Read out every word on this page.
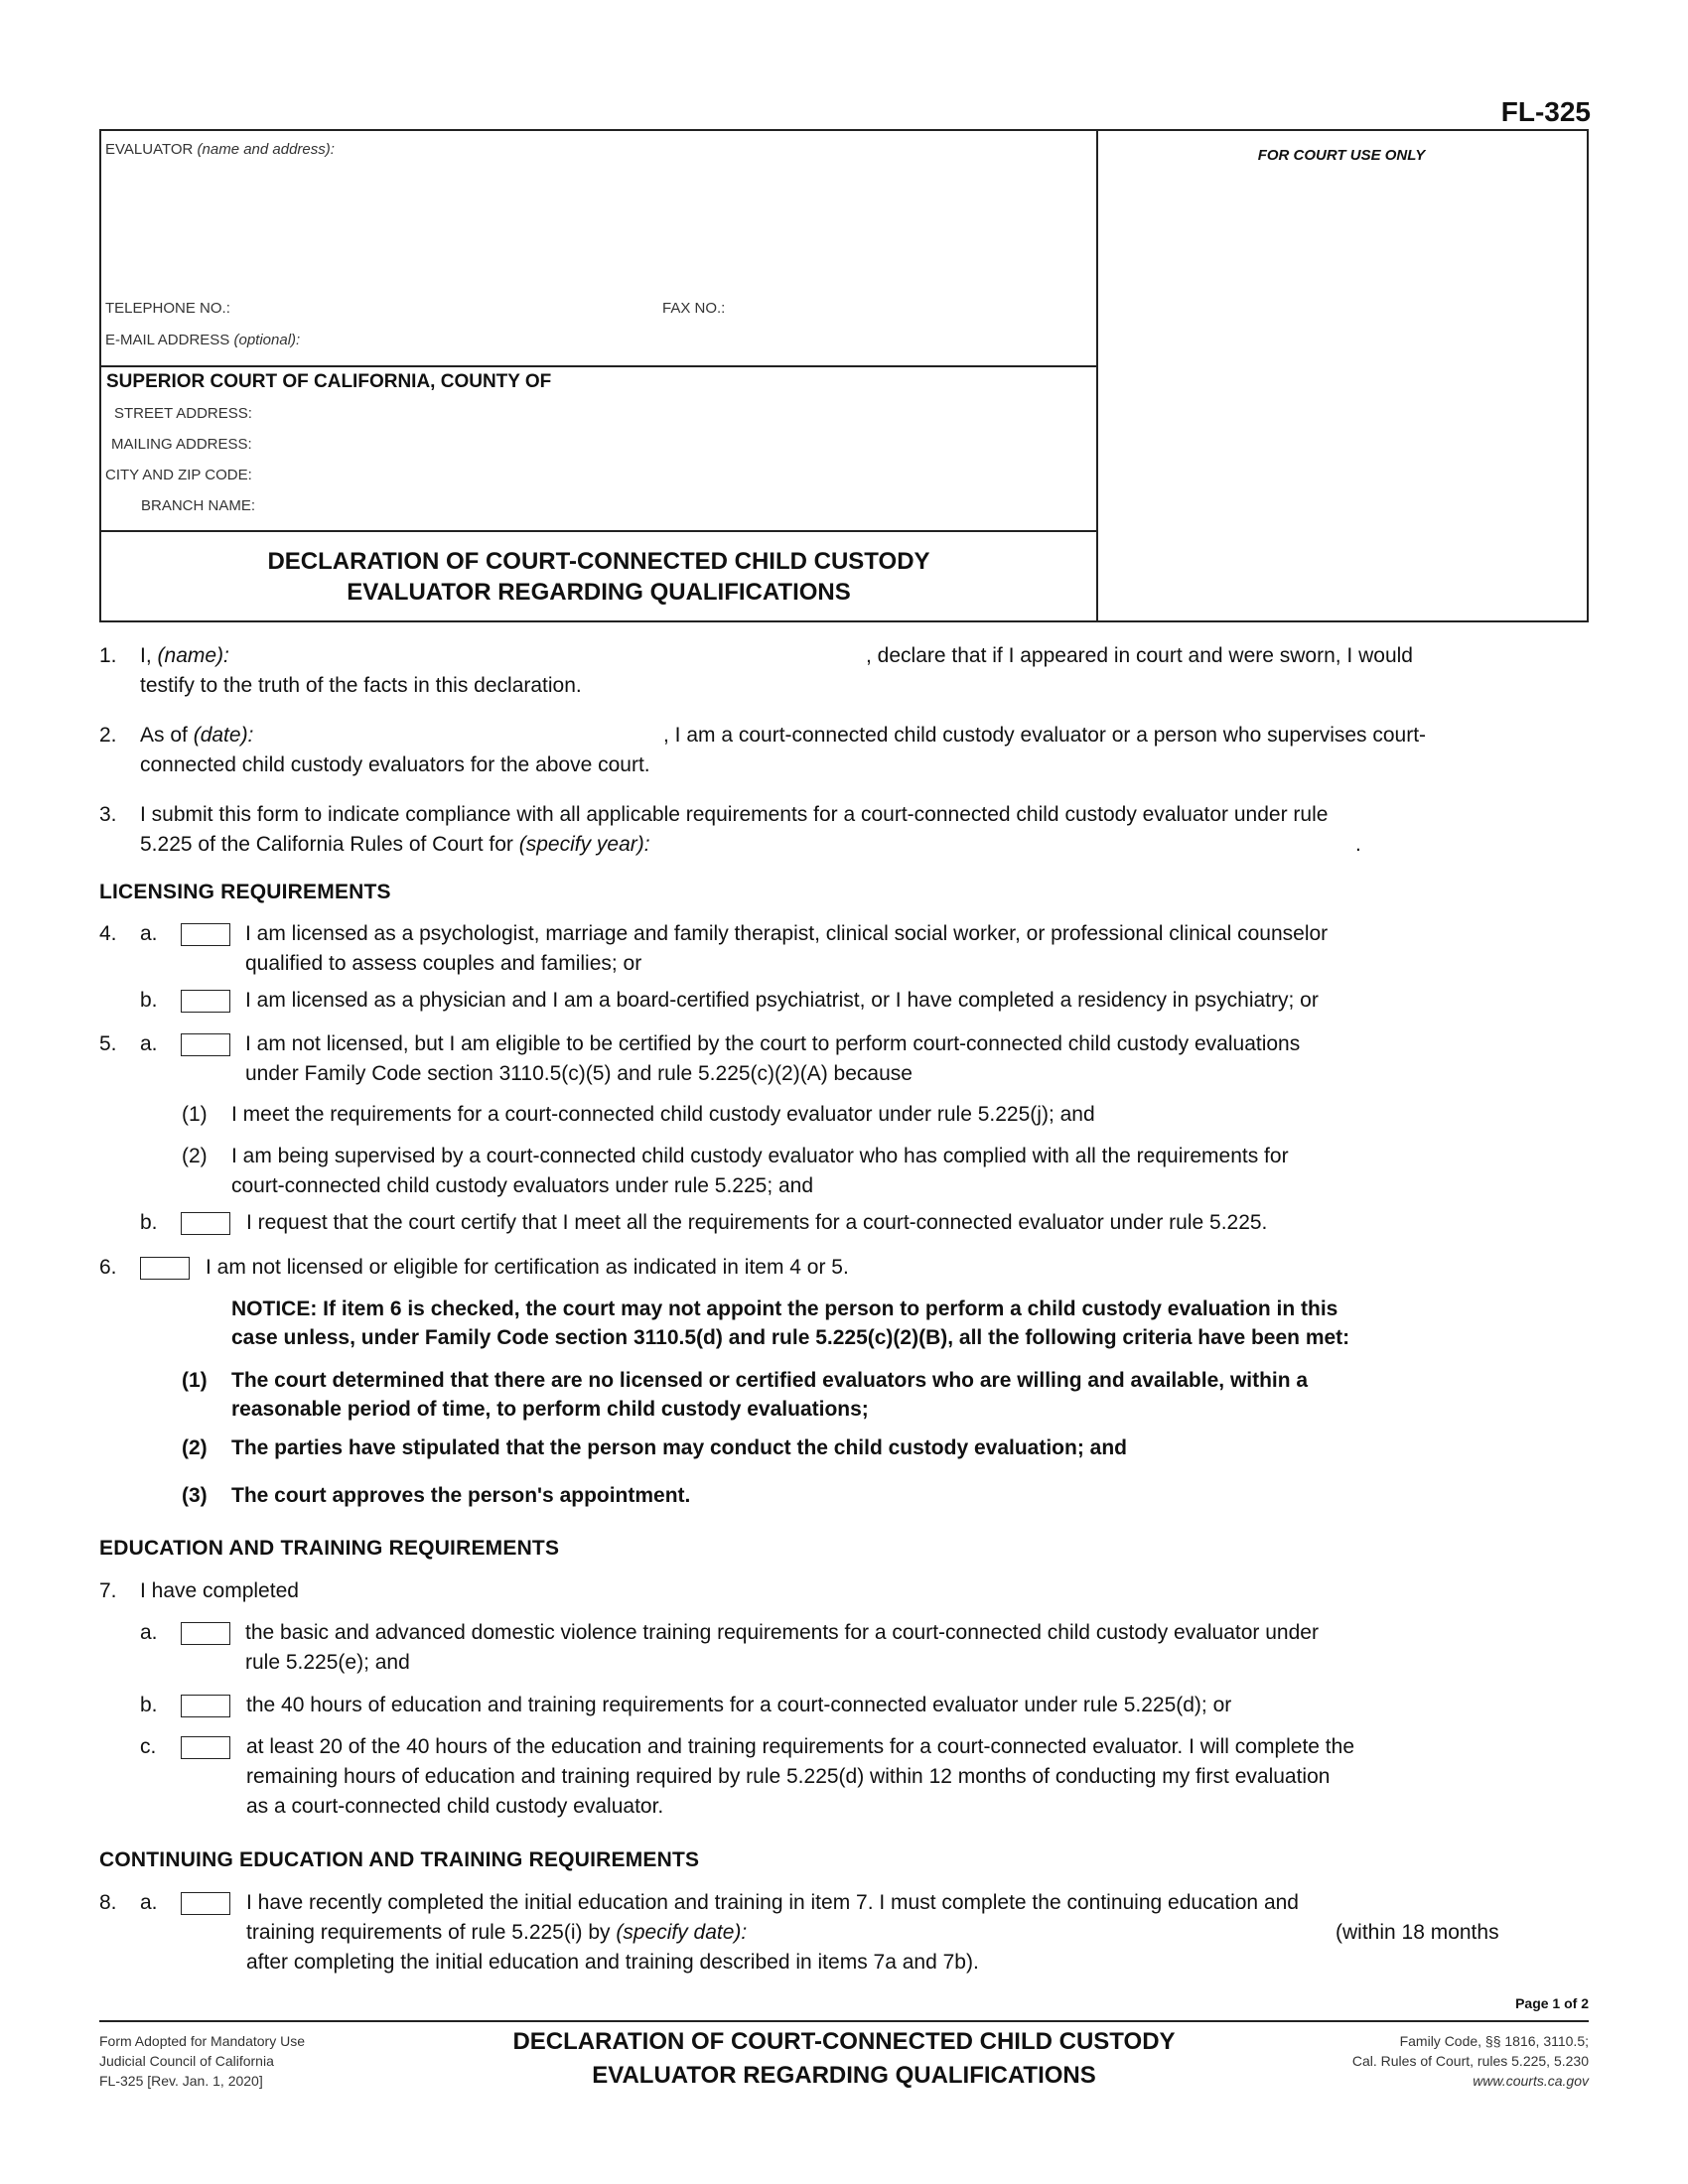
FL-325
EVALUATOR (name and address):
TELEPHONE NO.:	FAX NO.:
E-MAIL ADDRESS (optional):
SUPERIOR COURT OF CALIFORNIA, COUNTY OF
STREET ADDRESS:
MAILING ADDRESS:
CITY AND ZIP CODE:
BRANCH NAME:
DECLARATION OF COURT-CONNECTED CHILD CUSTODY
EVALUATOR REGARDING QUALIFICATIONS
FOR COURT USE ONLY
1. I, (name):	, declare that if I appeared in court and were sworn, I would
testify to the truth of the facts in this declaration.
2. As of (date):	, I am a court-connected child custody evaluator or a person who supervises court-
connected child custody evaluators for the above court.
3. I submit this form to indicate compliance with all applicable requirements for a court-connected child custody evaluator under rule
5.225 of the California Rules of Court for (specify year):	.
LICENSING REQUIREMENTS
4. a.	I am licensed as a psychologist, marriage and family therapist, clinical social worker, or professional clinical counselor
qualified to assess couples and families; or
b.	I am licensed as a physician and I am a board-certified psychiatrist, or I have completed a residency in psychiatry; or
5. a.	I am not licensed, but I am eligible to be certified by the court to perform court-connected child custody evaluations
under Family Code section 3110.5(c)(5) and rule 5.225(c)(2)(A) because
(1) I meet the requirements for a court-connected child custody evaluator under rule 5.225(j); and
(2) I am being supervised by a court-connected child custody evaluator who has complied with all the requirements for
court-connected child custody evaluators under rule 5.225; and
b.	I request that the court certify that I meet all the requirements for a court-connected evaluator under rule 5.225.
6.	I am not licensed or eligible for certification as indicated in item 4 or 5.
NOTICE: If item 6 is checked, the court may not appoint the person to perform a child custody evaluation in this
case unless, under Family Code section 3110.5(d) and rule 5.225(c)(2)(B), all the following criteria have been met:
(1) The court determined that there are no licensed or certified evaluators who are willing and available, within a
reasonable period of time, to perform child custody evaluations;
(2) The parties have stipulated that the person may conduct the child custody evaluation; and
(3) The court approves the person's appointment.
EDUCATION AND TRAINING REQUIREMENTS
7. I have completed
a.	the basic and advanced domestic violence training requirements for a court-connected child custody evaluator under
rule 5.225(e); and
b.	the 40 hours of education and training requirements for a court-connected evaluator under rule 5.225(d); or
c.	at least 20 of the 40 hours of the education and training requirements for a court-connected evaluator. I will complete the
remaining hours of education and training required by rule 5.225(d) within 12 months of conducting my first evaluation
as a court-connected child custody evaluator.
CONTINUING EDUCATION AND TRAINING REQUIREMENTS
8. a.	I have recently completed the initial education and training in item 7. I must complete the continuing education and
training requirements of rule 5.225(i) by (specify date):	(within 18 months
after completing the initial education and training described in items 7a and 7b).
Page 1 of 2
Form Adopted for Mandatory Use
Judicial Council of California
FL-325 [Rev. Jan. 1, 2020]
DECLARATION OF COURT-CONNECTED CHILD CUSTODY
EVALUATOR REGARDING QUALIFICATIONS
Family Code, §§ 1816, 3110.5;
Cal. Rules of Court, rules 5.225, 5.230
www.courts.ca.gov
